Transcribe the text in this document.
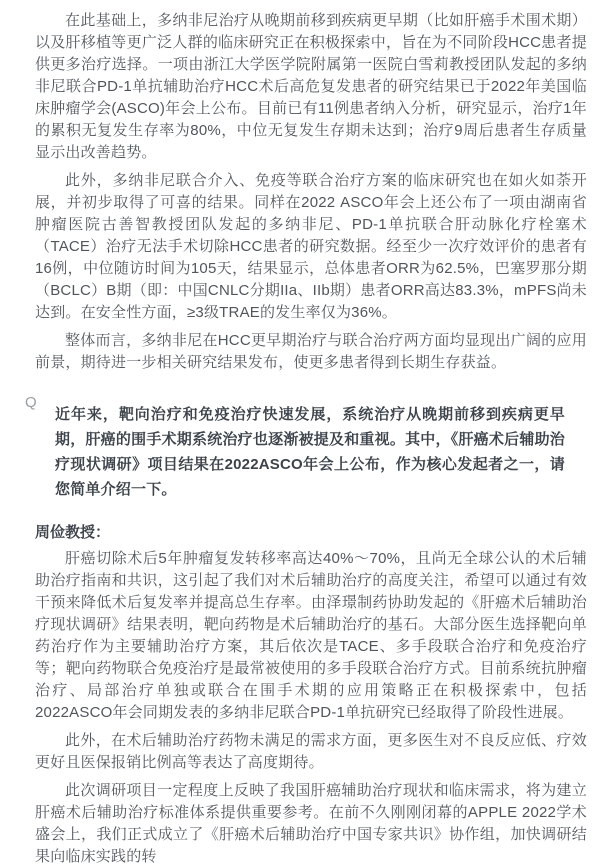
在此基础上，多纳非尼治疗从晚期前移到疾病更早期（比如肝癌手术围术期）以及肝移植等更广泛人群的临床研究正在积极探索中，旨在为不同阶段HCC患者提供更多治疗选择。一项由浙江大学医学院附属第一医院白雪莉教授团队发起的多纳非尼联合PD-1单抗辅助治疗HCC术后高危复发患者的研究结果已于2022年美国临床肿瘤学会(ASCO)年会上公布。目前已有11例患者纳入分析，研究显示，治疗1年的累积无复发生存率为80%，中位无复发生存期未达到；治疗9周后患者生存质量显示出改善趋势。

此外，多纳非尼联合介入、免疫等联合治疗方案的临床研究也在如火如荼开展，并初步取得了可喜的结果。同样在2022 ASCO年会上还公布了一项由湖南省肿瘤医院古善智教授团队发起的多纳非尼、PD-1单抗联合肝动脉化疗栓塞术（TACE）治疗无法手术切除HCC患者的研究数据。经至少一次疗效评价的患者有16例，中位随访时间为105天，结果显示，总体患者ORR为62.5%，巴塞罗那分期（BCLC）B期（即：中国CNLC分期IIa、IIb期）患者ORR高达83.3%，mPFS尚未达到。在安全性方面，≥3级TRAE的发生率仅为36%。

整体而言，多纳非尼在HCC更早期治疗与联合治疗两方面均显现出广阔的应用前景，期待进一步相关研究结果发布，使更多患者得到长期生存获益。

Q
近年来，靶向治疗和免疫治疗快速发展，系统治疗从晚期前移到疾病更早期，肝癌的围手术期系统治疗也逐渐被提及和重视。其中，《肝癌术后辅助治疗现状调研》项目结果在2022ASCO年会上公布，作为核心发起者之一，请您简单介绍一下。

周俭教授：

肝癌切除术后5年肿瘤复发转移率高达40%～70%，且尚无全球公认的术后辅助治疗指南和共识，这引起了我们对术后辅助治疗的高度关注，希望可以通过有效干预来降低术后复发率并提高总生存率。由泽璟制药协助发起的《肝癌术后辅助治疗现状调研》结果表明，靶向药物是术后辅助治疗的基石。大部分医生选择靶向单药治疗作为主要辅助治疗方案，其后依次是TACE、多手段联合治疗和免疫治疗等；靶向药物联合免疫治疗是最常被使用的多手段联合治疗方式。目前系统抗肿瘤治疗、局部治疗单独或联合在围手术期的应用策略正在积极探索中，包括2022ASCO年会同期发表的多纳非尼联合PD-1单抗研究已经取得了阶段性进展。

此外，在术后辅助治疗药物未满足的需求方面，更多医生对不良反应低、疗效更好且医保报销比例高等表达了高度期待。

此次调研项目一定程度上反映了我国肝癌辅助治疗现状和临床需求，将为建立肝癌术后辅助治疗标准体系提供重要参考。在前不久刚刚闭幕的APPLE 2022学术盛会上，我们正式成立了《肝癌术后辅助治疗中国专家共识》协作组，加快调研结果向临床实践的转
